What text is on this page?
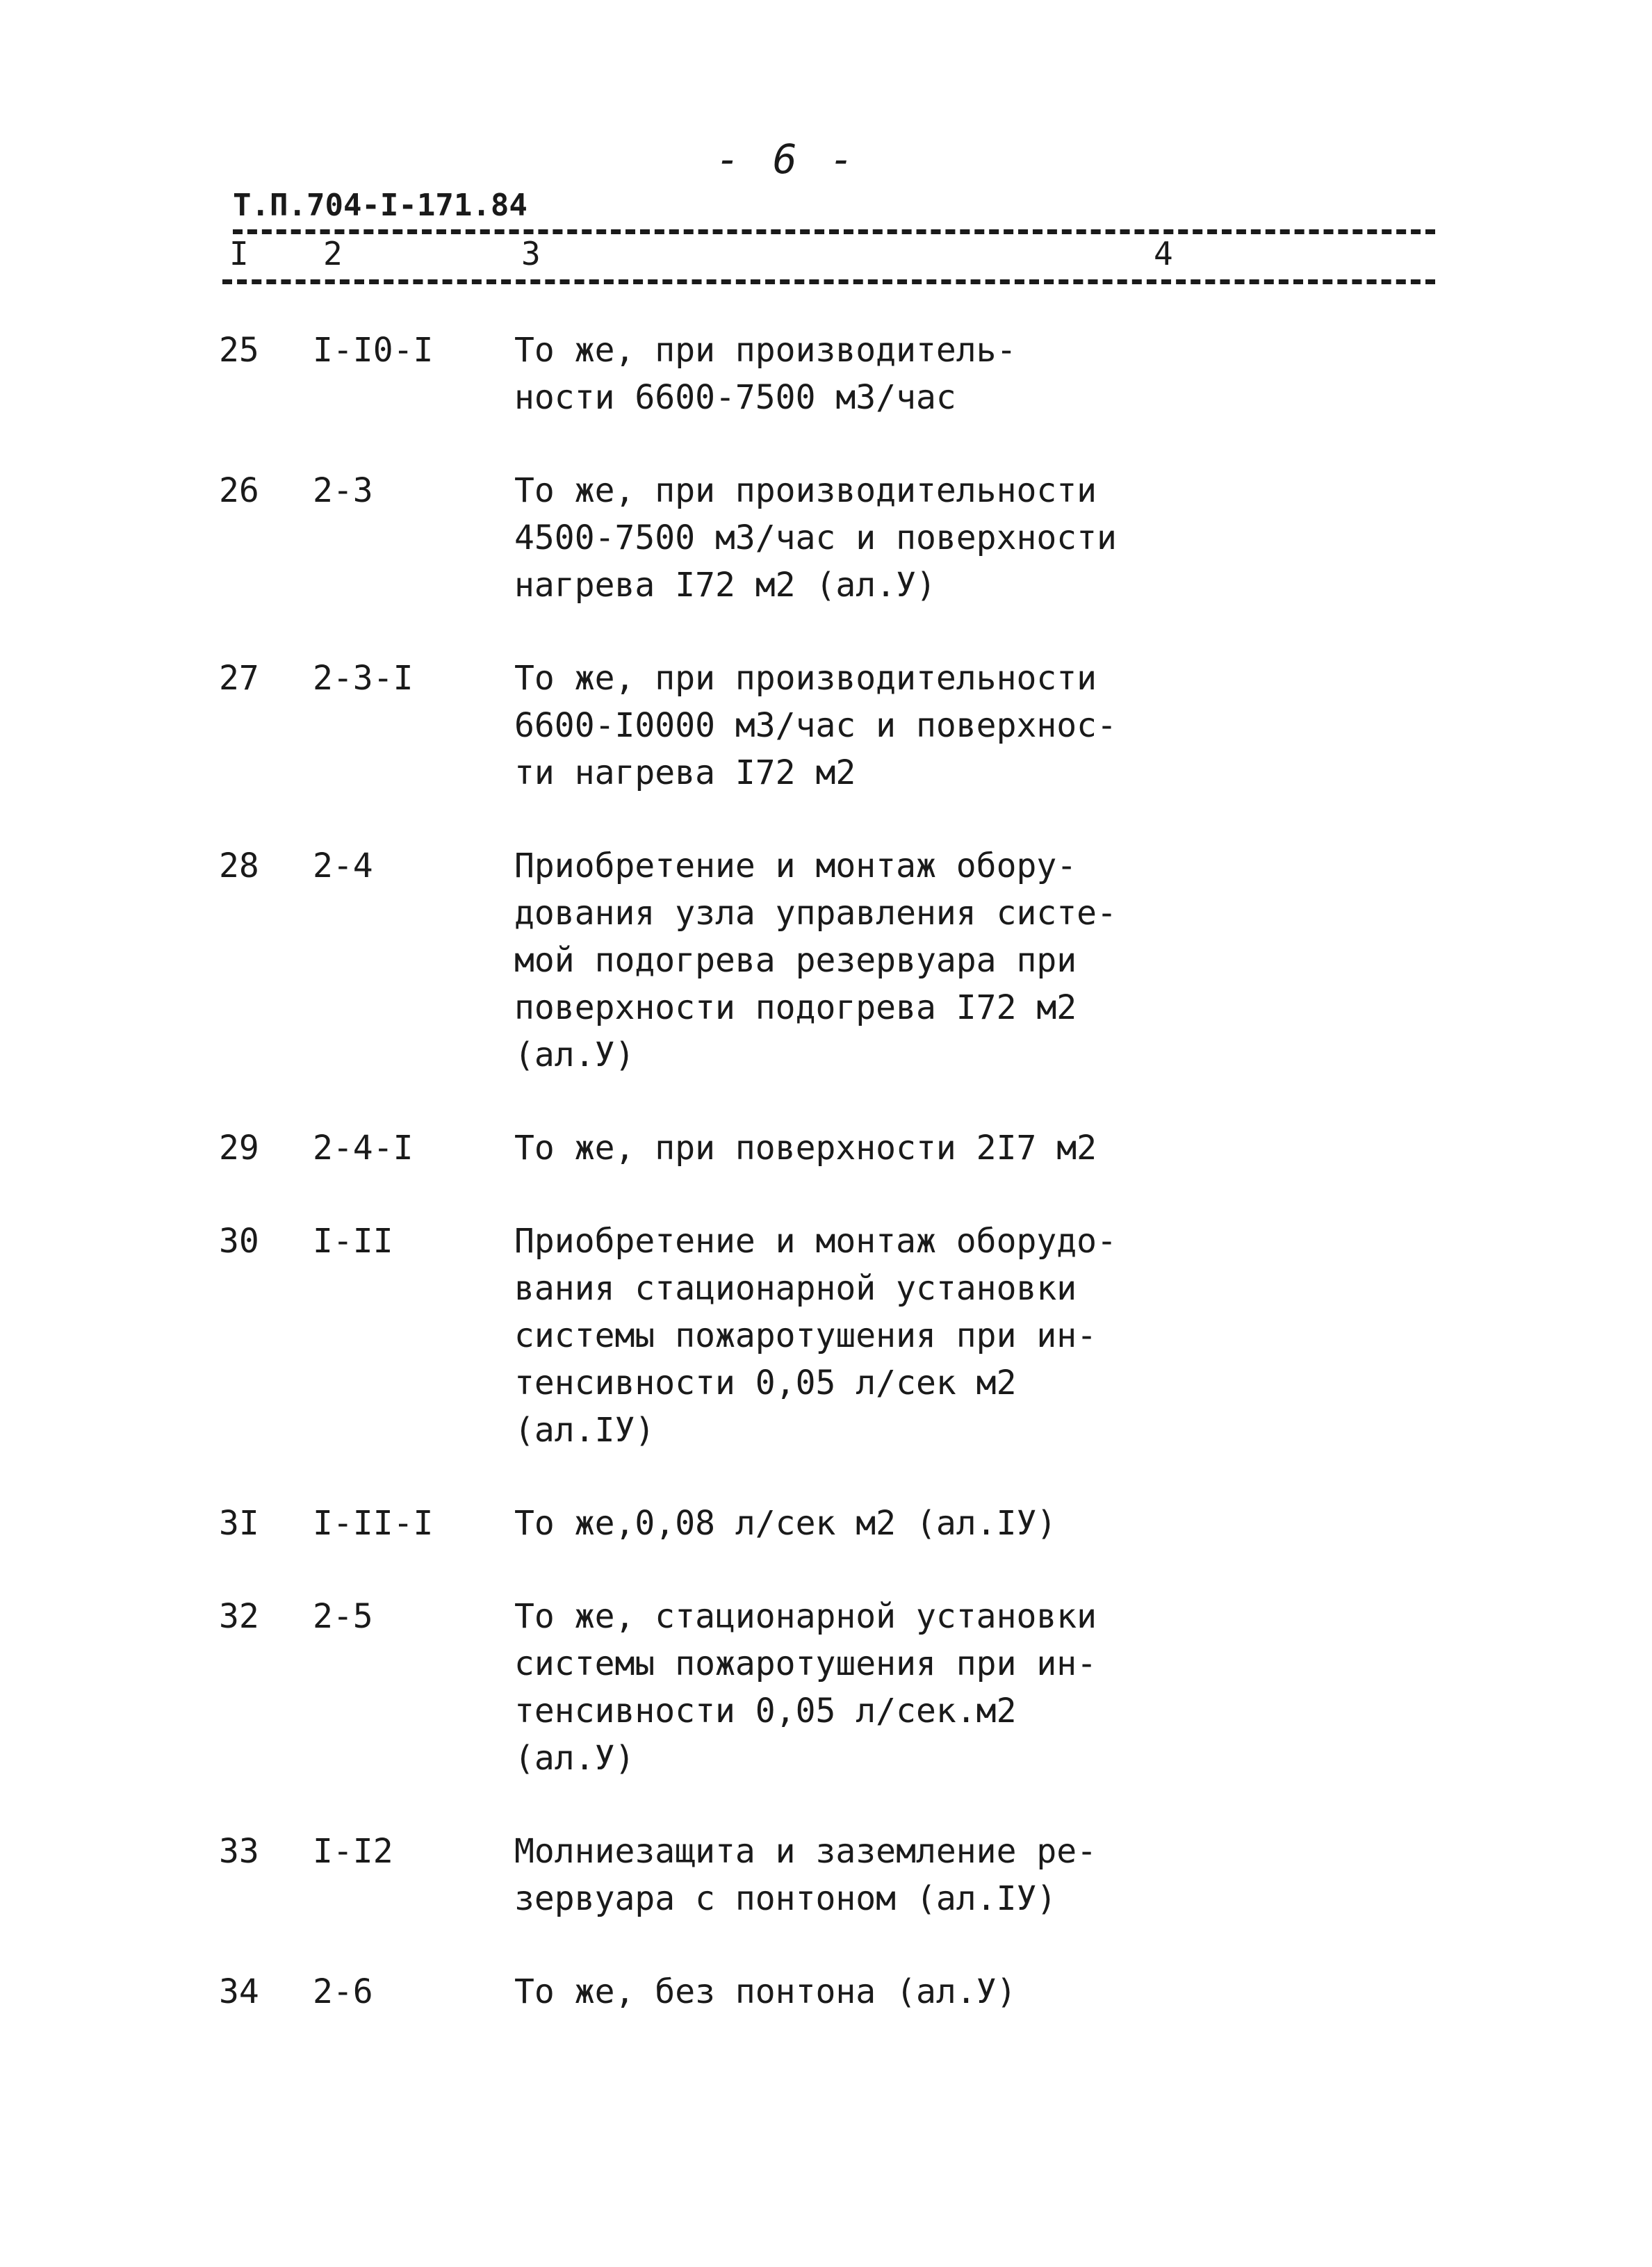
- 6 -
Т.П.704-I-171.84
I 2	3	4
25	I-I0-I	То же, при производитель-
ности 6600-7500 м3/час
26	2-3	То же, при производительности
4500-7500 м3/час и поверхности
нагрева I72 м2 (ал.У)
27	2-3-I	То же, при производительности
6600-I0000 м3/час и поверхнос-
ти нагрева I72 м2
28	2-4	Приобретение и монтаж обору-
дования узла управления систе-
мой подогрева резервуара при
поверхности подогрева I72 м2
(ал.У)
29	2-4-I	То же, при поверхности 2I7 м2
30	I-II	Приобретение и монтаж оборудо-
вания стационарной установки
системы пожаротушения при ин-
тенсивности 0,05 л/сек м2
(ал.IУ)
3I	I-II-I	То же,0,08 л/сек м2 (ал.IУ)
32	2-5	То же, стационарной установки
системы пожаротушения при ин-
тенсивности 0,05 л/сек.м2
(ал.У)
33	I-I2	Молниезащита и заземление ре-
зервуара с понтоном (ал.IУ)
34	2-6	То же, без понтона (ал.У)
